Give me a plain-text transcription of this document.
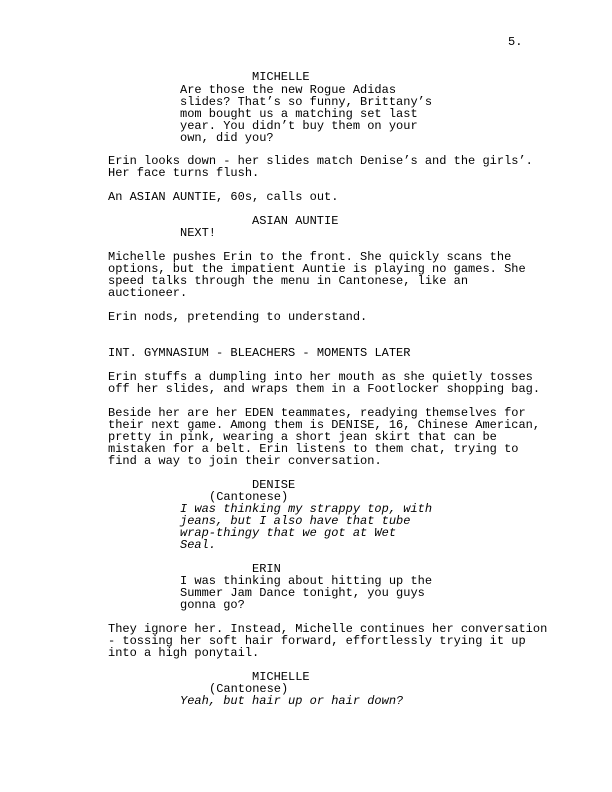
5.
MICHELLE
Are those the new Rogue Adidas
slides? That’s so funny, Brittany’s
mom bought us a matching set last
year. You didn’t buy them on your
own, did you?
Erin looks down - her slides match Denise’s and the girls’.
Her face turns flush.
An ASIAN AUNTIE, 60s, calls out.
ASIAN AUNTIE
NEXT!
Michelle pushes Erin to the front. She quickly scans the
options, but the impatient Auntie is playing no games. She
speed talks through the menu in Cantonese, like an
auctioneer.
Erin nods, pretending to understand.
INT. GYMNASIUM - BLEACHERS - MOMENTS LATER
Erin stuffs a dumpling into her mouth as she quietly tosses
off her slides, and wraps them in a Footlocker shopping bag.
Beside her are her EDEN teammates, readying themselves for
their next game. Among them is DENISE, 16, Chinese American,
pretty in pink, wearing a short jean skirt that can be
mistaken for a belt. Erin listens to them chat, trying to
find a way to join their conversation.
DENISE
(Cantonese)
I was thinking my strappy top, with
jeans, but I also have that tube
wrap-thingy that we got at Wet
Seal.
ERIN
I was thinking about hitting up the
Summer Jam Dance tonight, you guys
gonna go?
They ignore her. Instead, Michelle continues her conversation
- tossing her soft hair forward, effortlessly trying it up
into a high ponytail.
MICHELLE
(Cantonese)
Yeah, but hair up or hair down?
